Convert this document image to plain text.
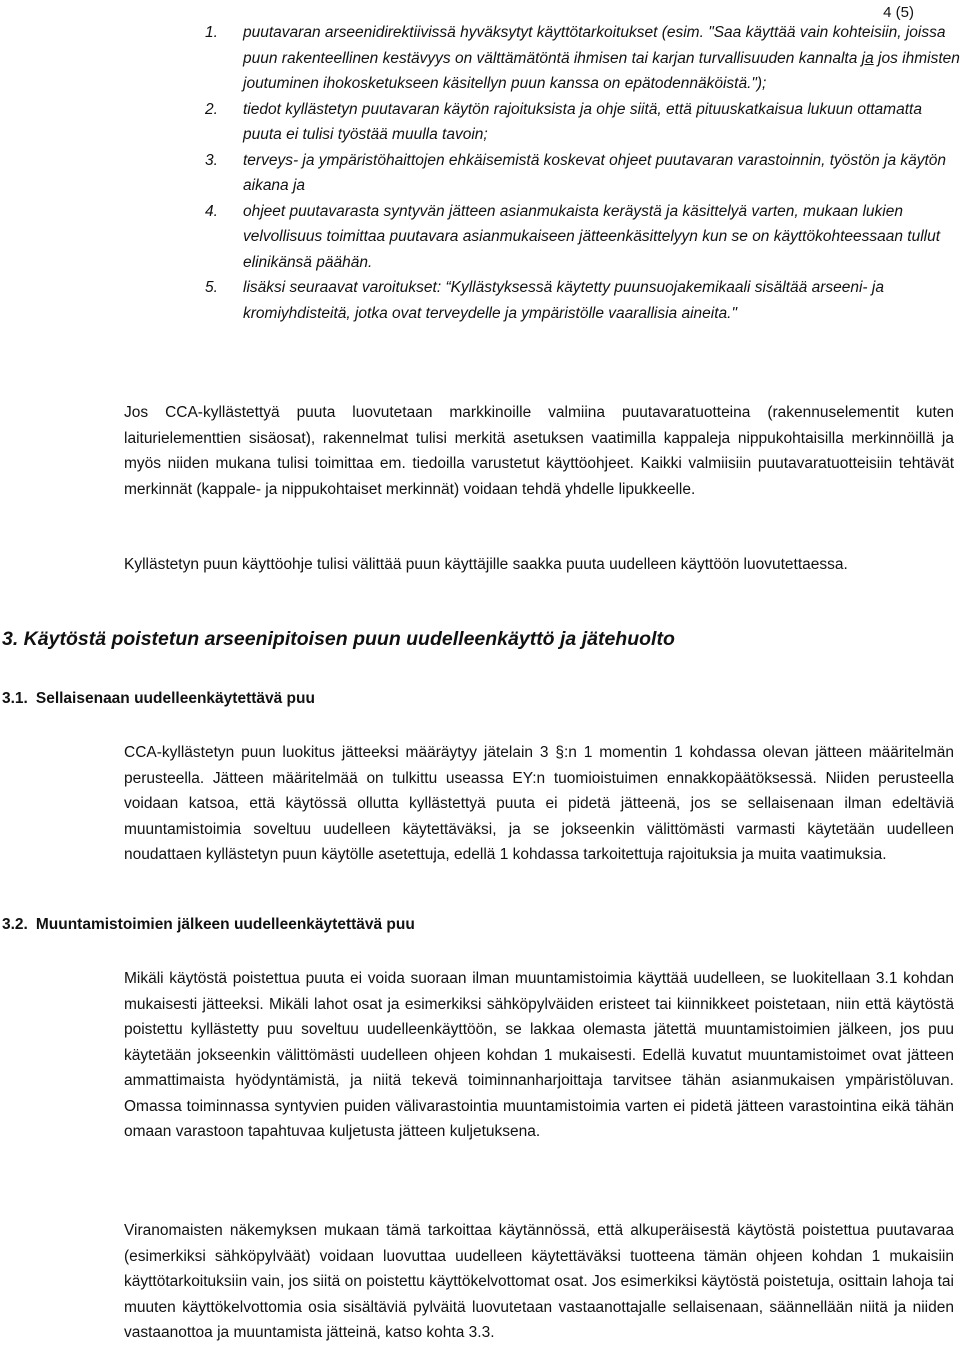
4 (5)
1.	puutavaran arseenidirektiivissä hyväksytyt käyttötarkoitukset (esim. "Saa käyttää vain kohteisiin, joissa puun rakenteellinen kestävyys on välttämätöntä ihmisen tai karjan turvallisuuden kannalta ja jos ihmisten joutuminen ihokosketukseen käsitellyn puun kanssa on epätodennäköistä.");
2.	tiedot kyllästetyn puutavaran käytön rajoituksista ja ohje siitä, että pituuskatkaisua lukuun ottamatta puuta ei tulisi työstää muulla tavoin;
3.	terveys- ja ympäristöhaittojen ehkäisemistä koskevat ohjeet puutavaran varastoinnin, työstön ja käytön aikana ja
4.	ohjeet puutavarasta syntyvän jätteen asianmukaista keräystä ja käsittelyä varten, mukaan lukien velvollisuus toimittaa puutavara asianmukaiseen jätteenkäsittelyyn kun se on käyttökohteessaan tullut elinikänsä päähän.
5.	lisäksi seuraavat varoitukset: “Kyllästyksessä käytetty puunsuojakemikaali sisältää arseeni- ja kromiyhdisteitä, jotka ovat terveydelle ja ympäristölle vaarallisia aineita."

Jos CCA-kyllästettyä puuta luovutetaan markkinoille valmiina puutavaratuotteina (rakennuselementit kuten laiturielementtien sisäosat), rakennelmat tulisi merkitä asetuksen vaatimilla kappaleja nippukohtaisilla merkinnöillä ja myös niiden mukana tulisi toimittaa em. tiedoilla varustetut käyttöohjeet. Kaikki valmiisiin puutavaratuotteisiin tehtävät merkinnät (kappale- ja nippukohtaiset merkinnät) voidaan tehdä yhdelle lipukkeelle.

Kyllästetyn puun käyttöohje tulisi välittää puun käyttäjille saakka puuta uudelleen käyttöön luovutettaessa.

3. Käytöstä poistetun arseenipitoisen puun uudelleenkäyttö ja jätehuolto
3.1. Sellaisenaan uudelleenkäytettävä puu

CCA-kyllästetyn puun luokitus jätteeksi määräytyy jätelain 3 §:n 1 momentin 1 kohdassa olevan jätteen määritelmän perusteella. Jätteen määritelmää on tulkittu useassa EY:n tuomioistuimen ennakkopäätöksessä. Niiden perusteella voidaan katsoa, että käytössä ollutta kyllästettyä puuta ei pidetä jätteenä, jos se sellaisenaan ilman edeltäviä muuntamistoimia soveltuu uudelleen käytettäväksi, ja se jokseenkin välittömästi varmasti käytetään uudelleen noudattaen kyllästetyn puun käytölle asetettuja, edellä 1 kohdassa tarkoitettuja rajoituksia ja muita vaatimuksia.

3.2. Muuntamistoimien jälkeen uudelleenkäytettävä puu

Mikäli käytöstä poistettua puuta ei voida suoraan ilman muuntamistoimia käyttää uudelleen, se luokitellaan 3.1 kohdan mukaisesti jätteeksi. Mikäli lahot osat ja esimerkiksi sähköpylväiden eristeet tai kiinnikkeet poistetaan, niin että käytöstä poistettu kyllästetty puu soveltuu uudelleenkäyttöön, se lakkaa olemasta jätettä muuntamistoimien jälkeen, jos puu käytetään jokseenkin välittömästi uudelleen ohjeen kohdan 1 mukaisesti. Edellä kuvatut muuntamistoimet ovat jätteen ammattimaista hyödyntämistä, ja niitä tekevä toiminnanharjoittaja tarvitsee tähän asianmukaisen ympäristöluvan. Omassa toiminnassa syntyvien puiden välivarastointia muuntamistoimia varten ei pidetä jätteen varastointina eikä tähän omaan varastoon tapahtuvaa kuljetusta jätteen kuljetuksena.

Viranomaisten näkemyksen mukaan tämä tarkoittaa käytännössä, että alkuperäisestä käytöstä poistettua puutavaraa (esimerkiksi sähköpylväät) voidaan luovuttaa uudelleen käytettäväksi tuotteena tämän ohjeen kohdan 1 mukaisiin käyttötarkoituksiin vain, jos siitä on poistettu käyttökelvottomat osat. Jos esimerkiksi käytöstä poistetuja, osittain lahoja tai muuten käyttökelvottomia osia sisältäviä pylväitä luovutetaan vastaanottajalle sellaisenaan, säännellään niitä ja niiden vastaanottoa ja muuntamista jätteinä, katso kohta 3.3.
